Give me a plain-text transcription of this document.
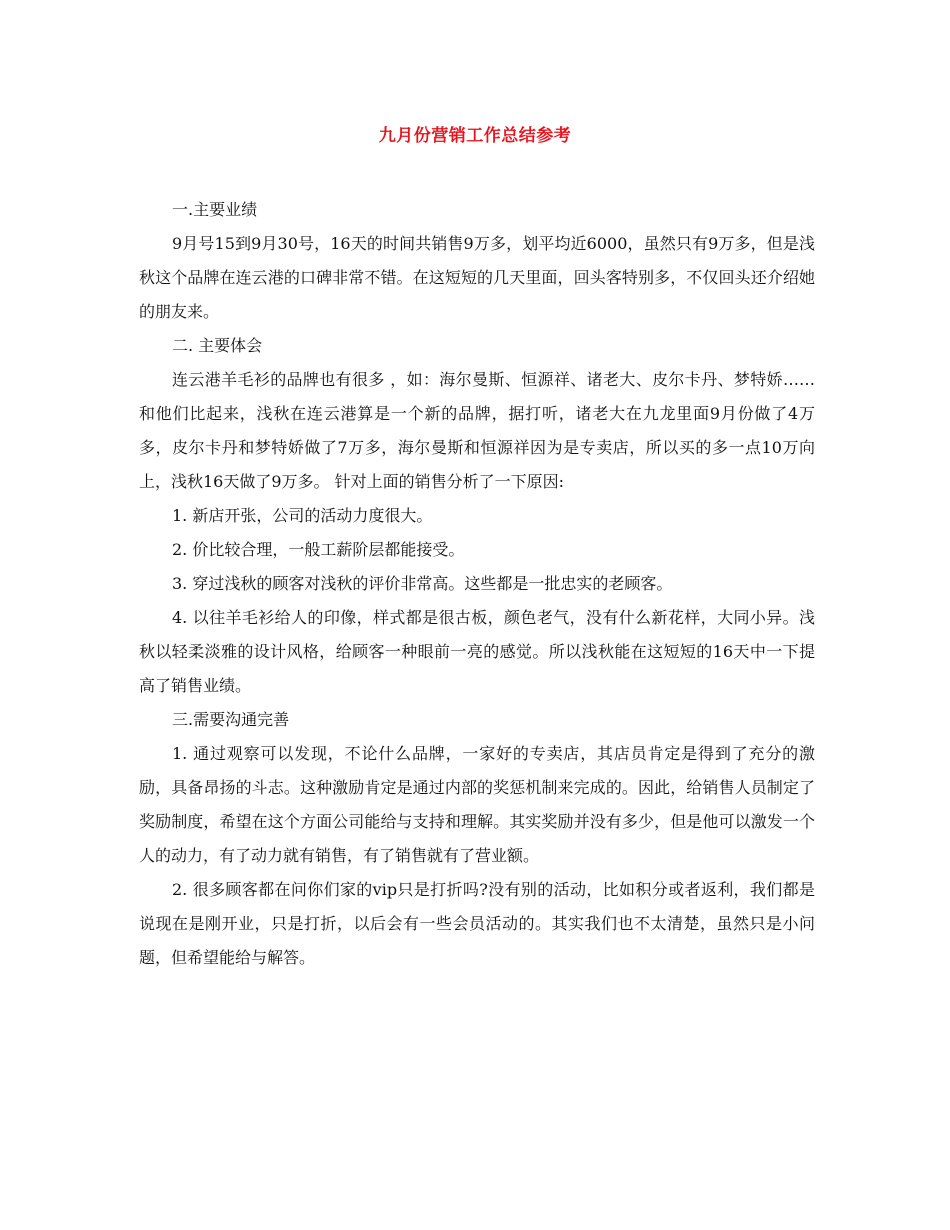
九月份营销工作总结参考

一.主要业绩

9月号15到9月30号，16天的时间共销售9万多，划平均近6000，虽然只有9万多，但是浅秋这个品牌在连云港的口碑非常不错。在这短短的几天里面，回头客特别多，不仅回头还介绍她的朋友来。

二. 主要体会

连云港羊毛衫的品牌也有很多 ，如：海尔曼斯、恒源祥、诸老大、皮尔卡丹、梦特娇……和他们比起来，浅秋在连云港算是一个新的品牌，据打听，诸老大在九龙里面9月份做了4万多，皮尔卡丹和梦特娇做了7万多，海尔曼斯和恒源祥因为是专卖店，所以买的多一点10万向上，浅秋16天做了9万多。 针对上面的销售分析了一下原因:

1. 新店开张，公司的活动力度很大。

2. 价比较合理，一般工薪阶层都能接受。

3. 穿过浅秋的顾客对浅秋的评价非常高。这些都是一批忠实的老顾客。

4. 以往羊毛衫给人的印像，样式都是很古板，颜色老气，没有什么新花样，大同小异。浅秋以轻柔淡雅的设计风格，给顾客一种眼前一亮的感觉。所以浅秋能在这短短的16天中一下提高了销售业绩。

三.需要沟通完善

1. 通过观察可以发现，不论什么品牌，一家好的专卖店，其店员肯定是得到了充分的激励，具备昂扬的斗志。这种激励肯定是通过内部的奖惩机制来完成的。因此，给销售人员制定了奖励制度，希望在这个方面公司能给与支持和理解。其实奖励并没有多少，但是他可以激发一个人的动力，有了动力就有销售，有了销售就有了营业额。

2. 很多顾客都在问你们家的vip只是打折吗?没有别的活动，比如积分或者返利，我们都是说现在是刚开业，只是打折，以后会有一些会员活动的。其实我们也不太清楚，虽然只是小问题，但希望能给与解答。
